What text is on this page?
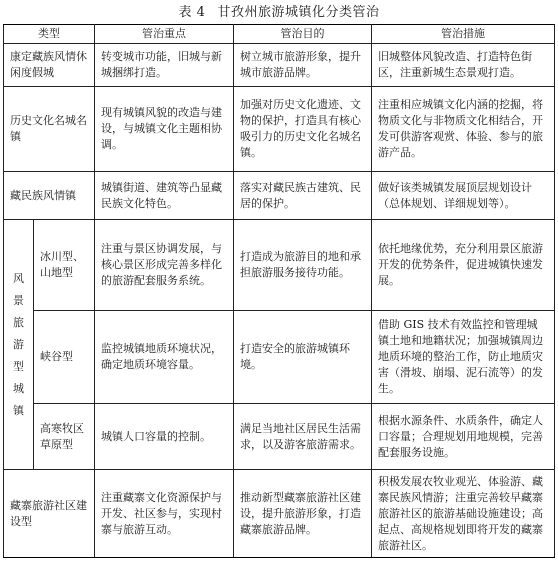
表 4 甘孜州旅游城镇化分类管治
类型		管治重点	管治目的	管治措施
康定藏族风情休闲度假城		转变城市功能，旧城与新城捆绑打造。	树立城市旅游形象，提升城市旅游品牌。	旧城整体风貌改造、打造特色街区，注重新城生态景观打造。
历史文化名城名镇		现有城镇风貌的改造与建设，与城镇文化主题相协调。	加强对历史文化遗迹、文物的保护，打造具有核心吸引力的历史文化名城名镇。	注重相应城镇文化内涵的挖掘，将物质文化与非物质文化相结合，开发可供游客观赏、体验、参与的旅游产品。
藏民族风情镇		城镇街道、建筑等凸显藏民族文化特色。	落实对藏民族古建筑、民居的保护。	做好该类城镇发展顶层规划设计（总体规划、详细规划等）。

风景旅游型城镇	冰川型、山地型	注重与景区协调发展，与核心景区形成完善多样化的旅游配套服务系统。	打造成为旅游目的地和承担旅游服务接待功能。	依托地缘优势，充分利用景区旅游开发的优势条件，促进城镇快速发展。
	峡谷型	监控城镇地质环境状况，确定地质环境容量。	打造安全的旅游城镇环境。	借助 GIS 技术有效监控和管理城镇土地和地籍状况；加强城镇周边地质环境的整治工作，防止地质灾害（滑坡、崩塌、泥石流等）的发生。
	高寒牧区草原型	城镇人口容量的控制。	满足当地社区居民生活需求，以及游客旅游需求。	根据水源条件、水质条件，确定人口容量；合理规划用地规模，完善配套服务设施。
藏寨旅游社区建设型		注重藏寨文化资源保护与开发、社区参与，实现村寨与旅游互动。	推动新型藏寨旅游社区建设，提升旅游形象，打造藏寨旅游品牌。	积极发展农牧业观光、体验游、藏寨民族风情游；注重完善较早藏寨旅游社区的旅游基础设施建设；高起点、高规格规划即将开发的藏寨旅游社区。
